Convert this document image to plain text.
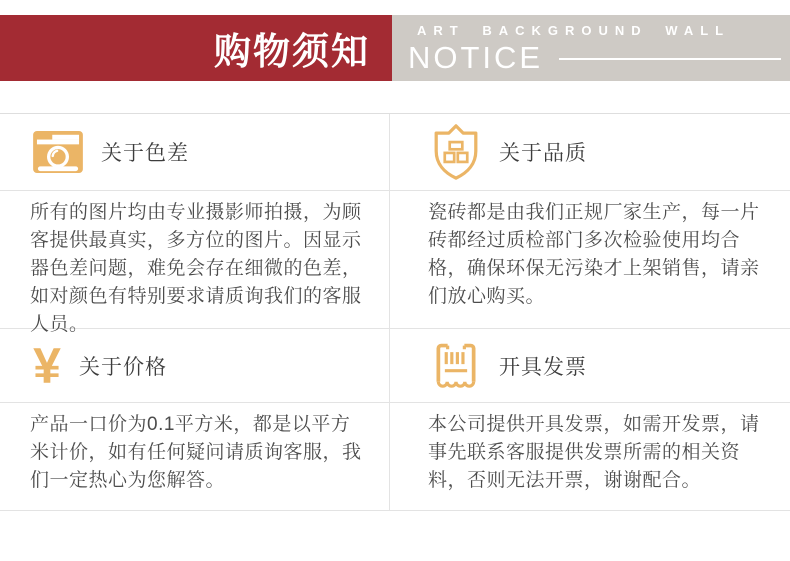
购物须知
ART BACKGROUND WALL
NOTICE
关于色差	关于品质
所有的图片均由专业摄影师拍摄，为顾客提供最真实，多方位的图片。因显示器色差问题，难免会存在细微的色差，如对颜色有特别要求请质询我们的客服人员。
瓷砖都是由我们正规厂家生产，每一片砖都经过质检部门多次检验使用均合格，确保环保无污染才上架销售，请亲们放心购买。
¥ 关于价格	开具发票
产品一口价为0.1平方米，都是以平方米计价，如有任何疑问请质询客服，我们一定热心为您解答。
本公司提供开具发票，如需开发票，请事先联系客服提供发票所需的相关资料，否则无法开票，谢谢配合。
